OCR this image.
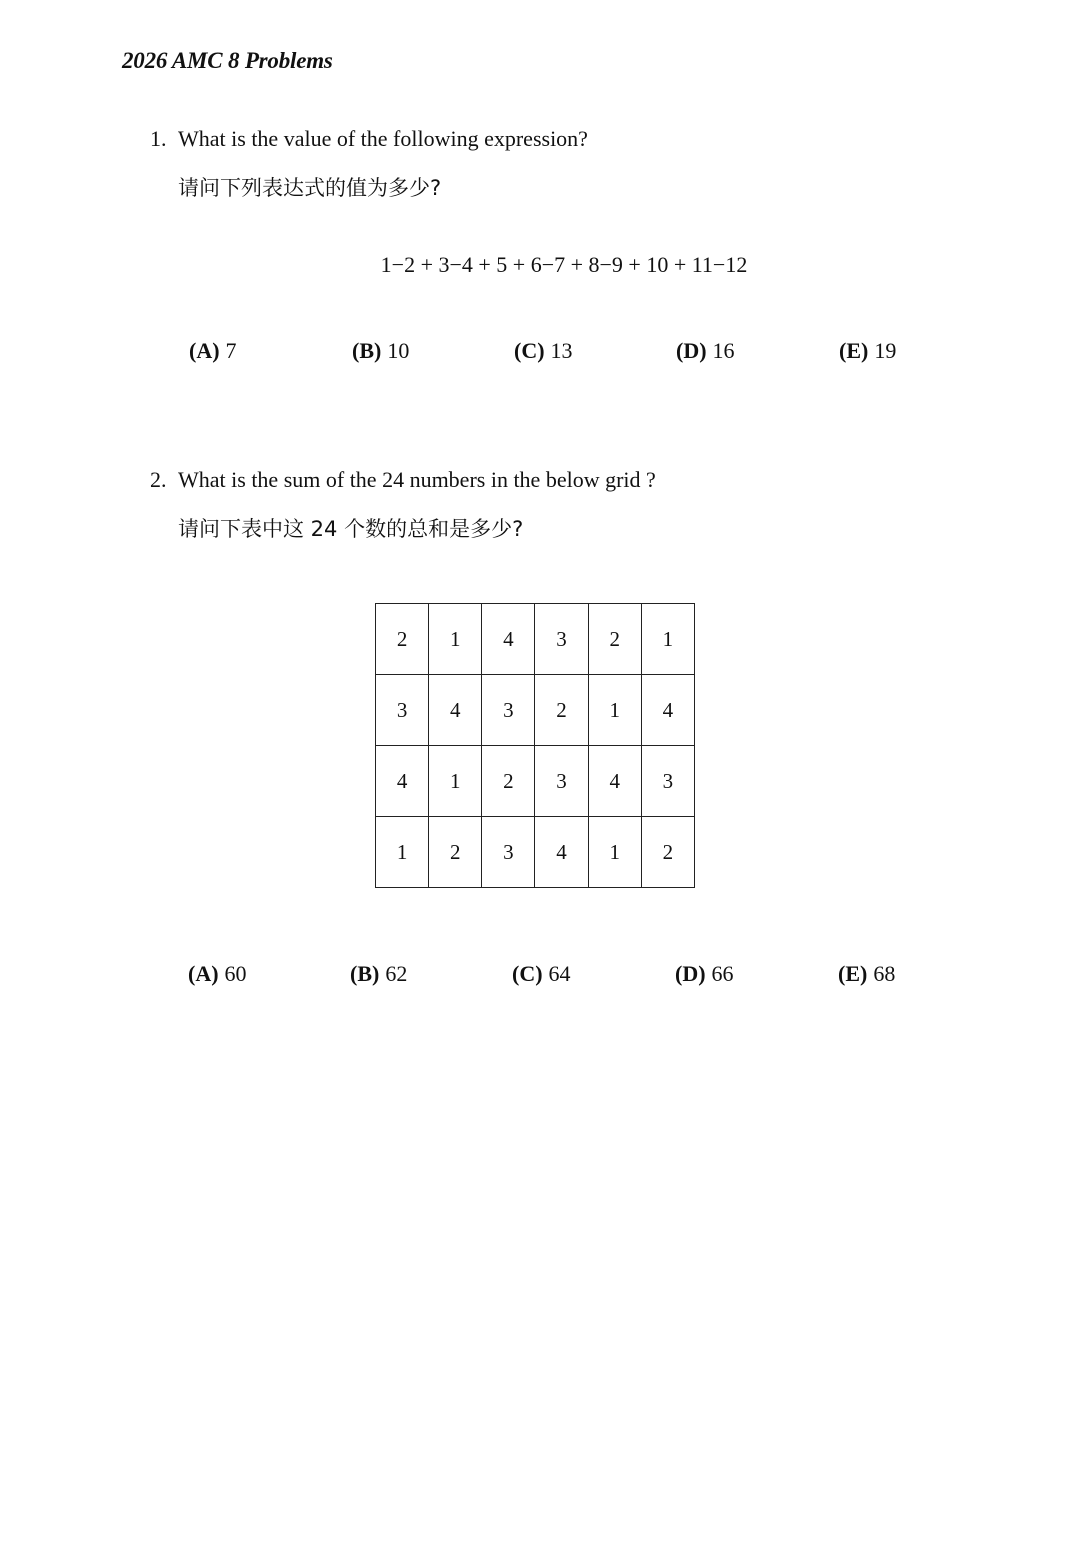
2026 AMC 8 Problems
1. What is the value of the following expression?
请问下列表达式的值为多少?
1−2 + 3−4 + 5 + 6−7 + 8−9 + 10 + 11−12
(A) 7	(B) 10	(C) 13	(D) 16	(E) 19
2. What is the sum of the 24 numbers in the below grid ?
请问下表中这 24 个数的总和是多少?
2	1	4	3	2	1
3	4	3	2	1	4
4	1	2	3	4	3
1	2	3	4	1	2
(A) 60	(B) 62	(C) 64	(D) 66	(E) 68
